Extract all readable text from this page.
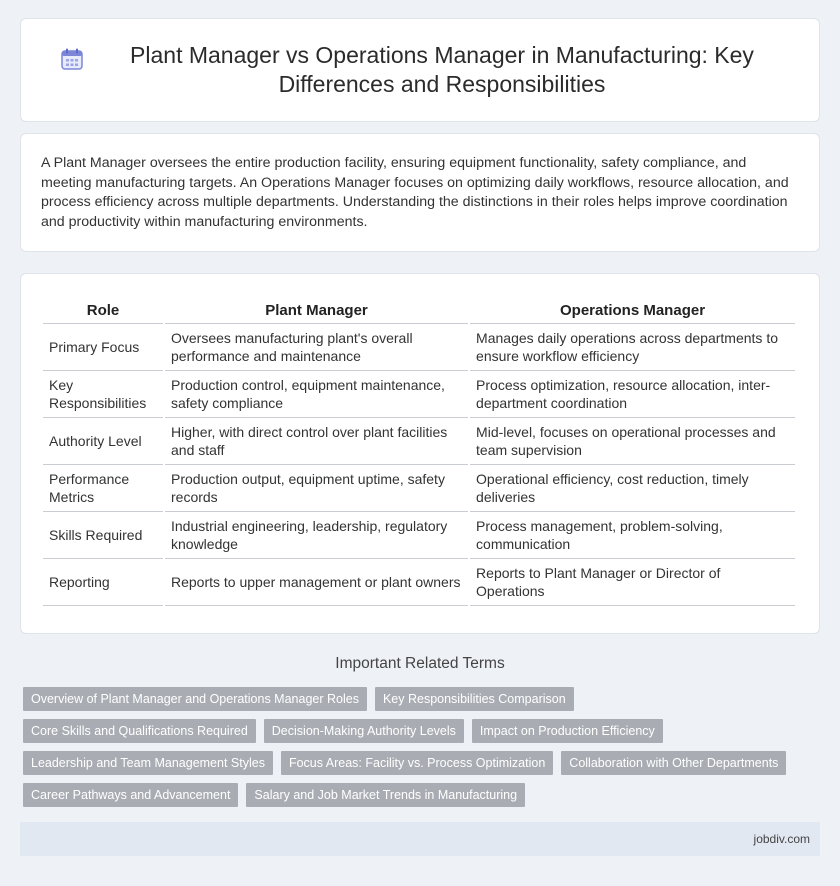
Plant Manager vs Operations Manager in Manufacturing: Key Differences and Responsibilities

A Plant Manager oversees the entire production facility, ensuring equipment functionality, safety compliance, and meeting manufacturing targets. An Operations Manager focuses on optimizing daily workflows, resource allocation, and process efficiency across multiple departments. Understanding the distinctions in their roles helps improve coordination and productivity within manufacturing environments.

Role	Plant Manager	Operations Manager
Primary Focus	Oversees manufacturing plant's overall performance and maintenance	Manages daily operations across departments to ensure workflow efficiency
Key Responsibilities	Production control, equipment maintenance, safety compliance	Process optimization, resource allocation, inter-department coordination
Authority Level	Higher, with direct control over plant facilities and staff	Mid-level, focuses on operational processes and team supervision
Performance Metrics	Production output, equipment uptime, safety records	Operational efficiency, cost reduction, timely deliveries
Skills Required	Industrial engineering, leadership, regulatory knowledge	Process management, problem-solving, communication
Reporting	Reports to upper management or plant owners	Reports to Plant Manager or Director of Operations
Important Related Terms
Overview of Plant Manager and Operations Manager Roles	Key Responsibilities Comparison
Core Skills and Qualifications Required	Decision-Making Authority Levels	Impact on Production Efficiency
Leadership and Team Management Styles	Focus Areas: Facility vs. Process Optimization	Collaboration with Other Departments
Career Pathways and Advancement	Salary and Job Market Trends in Manufacturing
jobdiv.com
